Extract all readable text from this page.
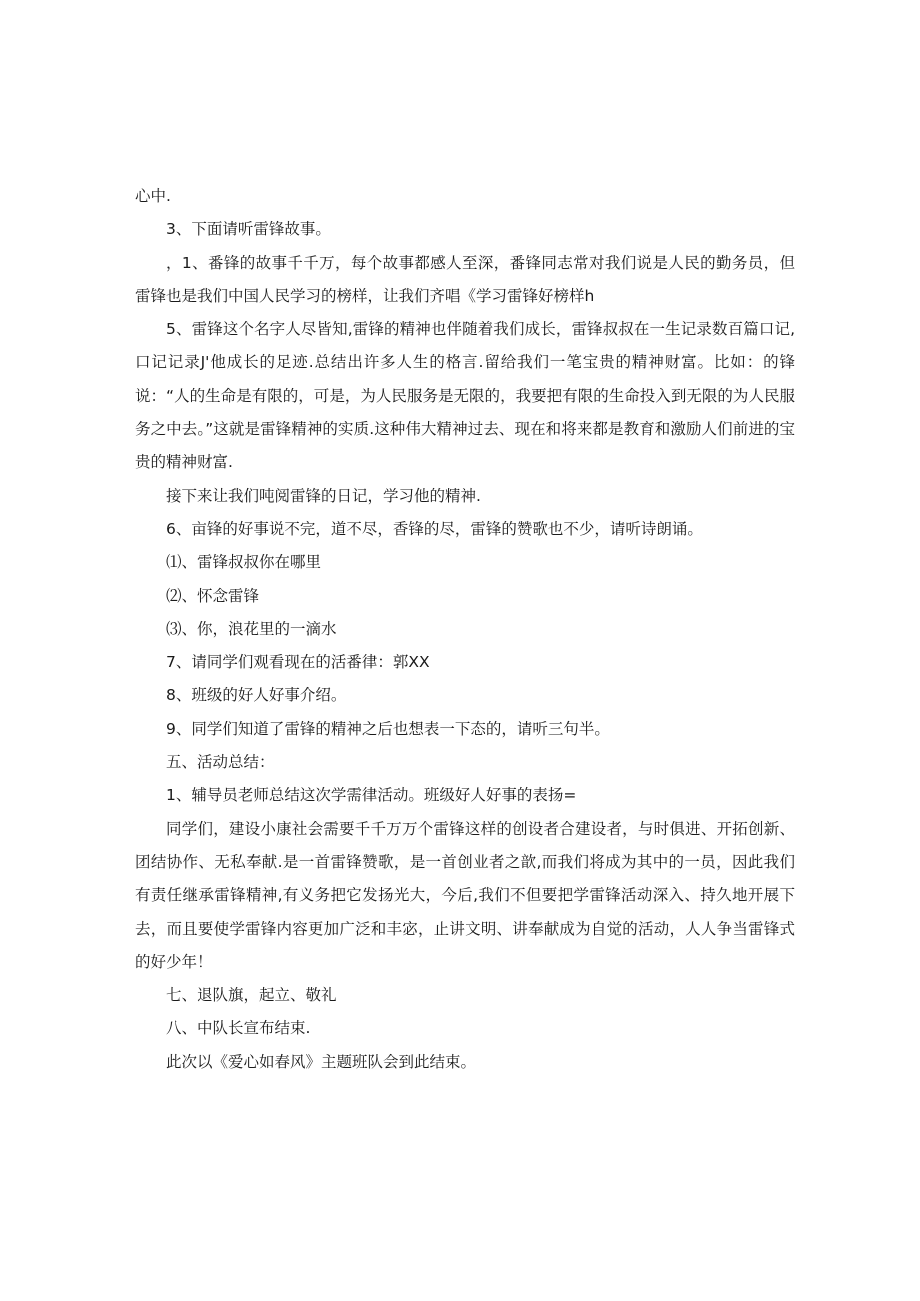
心中.

3、下面请听雷锋故事。

，1、番锋的故事千千万，每个故事都感人至深，番锋同志常对我们说是人民的勤务员，但雷锋也是我们中国人民学习的榜样，让我们齐唱《学习雷锋好榜样h

5、雷锋这个名字人尽皆知,雷锋的精神也伴随着我们成长，雷锋叔叔在一生记录数百篇口记,口记记录J'他成长的足迹.总结出许多人生的格言.留给我们一笔宝贵的精神财富。比如：的锋说：“人的生命是有限的，可是，为人民服务是无限的，我要把有限的生命投入到无限的为人民服务之中去。”这就是雷锋精神的实质.这种伟大精神过去、现在和将来都是教育和激励人们前进的宝贵的精神财富.

接下来让我们吨阅雷锋的日记，学习他的精神.

6、亩锋的好事说不完，道不尽，香锋的尽，雷锋的赞歌也不少，请听诗朗诵。

⑴、雷锋叔叔你在哪里

⑵、怀念雷锋

⑶、你，浪花里的一滴水

7、请同学们观看现在的活番律：郭XX

8、班级的好人好事介绍。

9、同学们知道了雷锋的精神之后也想表一下态的，请听三句半。

五、活动总结：

1、辅导员老师总结这次学需律活动。班级好人好事的表扬=

同学们，建设小康社会需要千千万万个雷锋这样的创设者合建设者，与时俱进、开拓创新、团结协作、无私奉献.是一首雷锋赞歌，是一首创业者之歆,而我们将成为其中的一员，因此我们有责任继承雷锋精神,有义务把它发扬光大，今后,我们不但要把学雷锋活动深入、持久地开展下去，而且要使学雷锋内容更加广泛和丰宓，止讲文明、讲奉献成为自觉的活动，人人争当雷锋式的好少年！

七、退队旗，起立、敬礼

八、中队长宣布结束.

此次以《爱心如春风》主题班队会到此结束。
